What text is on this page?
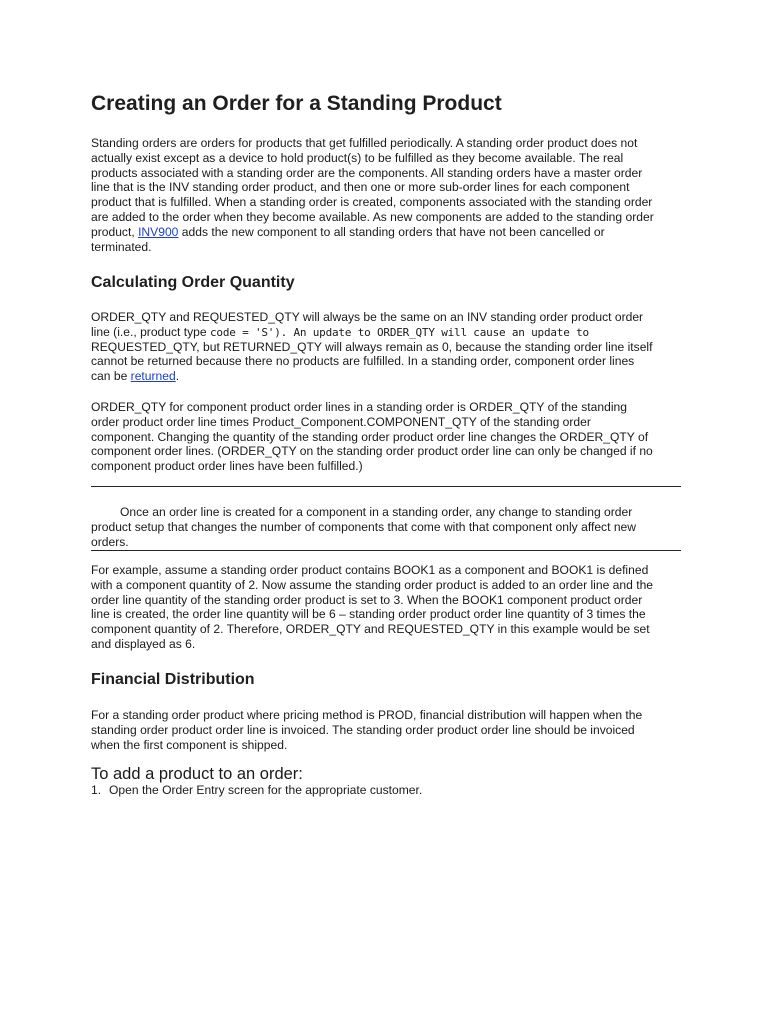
Creating an Order for a Standing Product
Standing orders are orders for products that get fulfilled periodically. A standing order product does not
actually exist except as a device to hold product(s) to be fulfilled as they become available. The real
products associated with a standing order are the components. All standing orders have a master order
line that is the INV standing order product, and then one or more sub-order lines for each component
product that is fulfilled. When a standing order is created, components associated with the standing order
are added to the order when they become available. As new components are added to the standing order
product, INV900 adds the new component to all standing orders that have not been cancelled or
terminated.
Calculating Order Quantity
ORDER_QTY and REQUESTED_QTY will always be the same on an INV standing order product order
line (i.e., product type code = 'S'). An update to ORDER_QTY will cause an update to
REQUESTED_QTY, but RETURNED_QTY will always remain as 0, because the standing order line itself
cannot be returned because there no products are fulfilled. In a standing order, component order lines
can be returned.
ORDER_QTY for component product order lines in a standing order is ORDER_QTY of the standing
order product order line times Product_Component.COMPONENT_QTY of the standing order
component. Changing the quantity of the standing order product order line changes the ORDER_QTY of
component order lines. (ORDER_QTY on the standing order product order line can only be changed if no
component product order lines have been fulfilled.)
Once an order line is created for a component in a standing order, any change to standing order
product setup that changes the number of components that come with that component only affect new
orders.
For example, assume a standing order product contains BOOK1 as a component and BOOK1 is defined
with a component quantity of 2. Now assume the standing order product is added to an order line and the
order line quantity of the standing order product is set to 3. When the BOOK1 component product order
line is created, the order line quantity will be 6 – standing order product order line quantity of 3 times the
component quantity of 2. Therefore, ORDER_QTY and REQUESTED_QTY in this example would be set
and displayed as 6.
Financial Distribution
For a standing order product where pricing method is PROD, financial distribution will happen when the
standing order product order line is invoiced. The standing order product order line should be invoiced
when the first component is shipped.
To add a product to an order:
1. Open the Order Entry screen for the appropriate customer.
